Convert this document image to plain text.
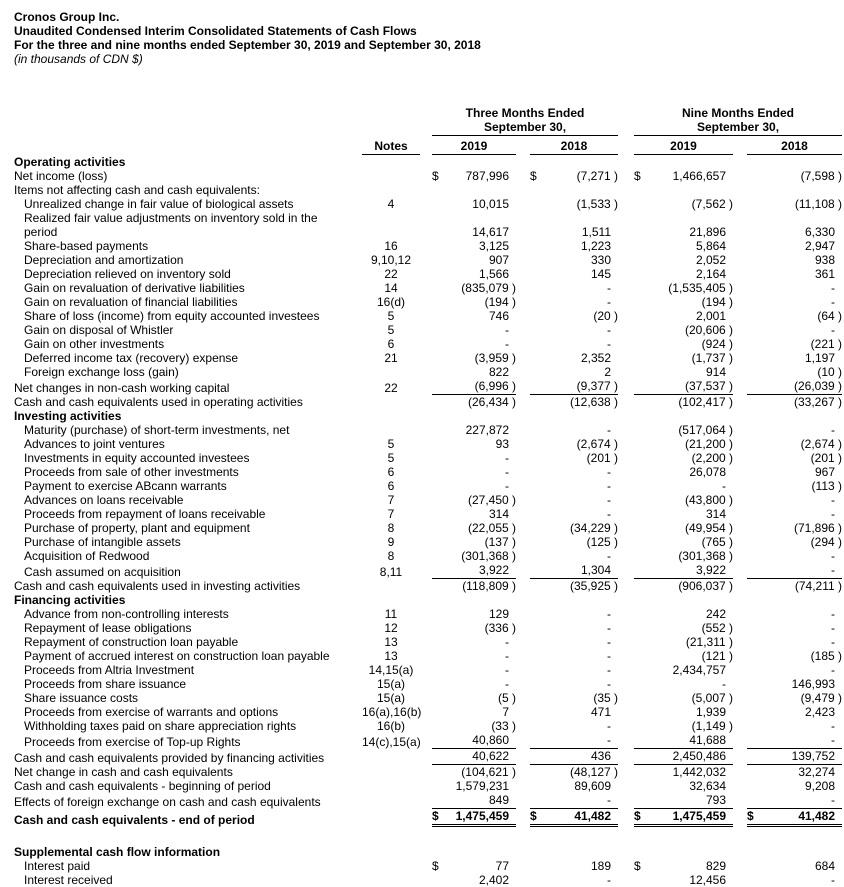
Cronos Group Inc.
Unaudited Condensed Interim Consolidated Statements of Cash Flows
For the three and nine months ended September 30, 2019 and September 30, 2018
(in thousands of CDN $)

		Three Months Ended
September 30,		Nine Months Ended
September 30,	

	Notes	2019	2018	2019	2018

Operating activities					
Net income (loss)		$ 787,996	$ (7,271 )	$ 1,466,657	(7,598 )

Items not affecting cash and cash equivalents:					
Unrealized change in fair value of biological assets	4	10,015	(1,533 )	(7,562 )	(11,108 )

Realized fair value adjustments on inventory sold in the period		14,617	1,511	21,896	6,330

Share-based payments	16	3,125	1,223	5,864	2,947

Depreciation and amortization	9,10,12	907	330	2,052	938

Depreciation relieved on inventory sold	22	1,566	145	2,164	361

Gain on revaluation of derivative liabilities	14	(835,079 )	-	(1,535,405 )	-

Gain on revaluation of financial liabilities	16(d)	(194 )	-	(194 )	-

Share of loss (income) from equity accounted investees	5	746	(20 )	2,001	(64 )

Gain on disposal of Whistler	5	-	-	(20,606 )	-

Gain on other investments	6	-	-	(924 )	(221 )

Deferred income tax (recovery) expense	21	(3,959 )	2,352	(1,737 )	1,197

Foreign exchange loss (gain)		822	2	914	(10 )

Net changes in non-cash working capital	22	(6,996 )	(9,377 )	(37,537 )	(26,039 )

Cash and cash equivalents used in operating activities		(26,434 )	(12,638 )	(102,417 )	(33,267 )

Investing activities					
Maturity (purchase) of short-term investments, net		227,872	-	(517,064 )	-

Advances to joint ventures	5	93	(2,674 )	(21,200 )	(2,674 )

Investments in equity accounted investees	5	-	(201 )	(2,200 )	(201 )

Proceeds from sale of other investments	6	-	-	26,078	967

Payment to exercise ABcann warrants	6	-	-	-	(113 )

Advances on loans receivable	7	(27,450 )	-	(43,800 )	-

Proceeds from repayment of loans receivable	7	314	-	314	-

Purchase of property, plant and equipment	8	(22,055 )	(34,229 )	(49,954 )	(71,896 )

Purchase of intangible assets	9	(137 )	(125 )	(765 )	(294 )

Acquisition of Redwood	8	(301,368 )	-	(301,368 )	-

Cash assumed on acquisition	8,11	3,922	1,304	3,922	-

Cash and cash equivalents used in investing activities		(118,809 )	(35,925 )	(906,037 )	(74,211 )

Financing activities					
Advance from non-controlling interests	11	129	-	242	-

Repayment of lease obligations	12	(336 )	-	(552 )	-

Repayment of construction loan payable	13	-	-	(21,311 )	-

Payment of accrued interest on construction loan payable	13	-	-	(121 )	(185 )

Proceeds from Altria Investment	14,15(a)	-	-	2,434,757	-

Proceeds from share issuance	15(a)	-	-	-	146,993

Share issuance costs	15(a)	(5 )	(35 )	(5,007 )	(9,479 )

Proceeds from exercise of warrants and options	16(a),16(b)	7	471	1,939	2,423

Withholding taxes paid on share appreciation rights	16(b)	(33 )	-	(1,149 )	-

Proceeds from exercise of Top-up Rights	14(c),15(a)	40,860	-	41,688	-

Cash and cash equivalents provided by financing activities		40,622	436	2,450,486	139,752

Net change in cash and cash equivalents		(104,621 )	(48,127 )	1,442,032	32,274

Cash and cash equivalents - beginning of period		1,579,231	89,609	32,634	9,208

Effects of foreign exchange on cash and cash equivalents		849	-	793	-

Cash and cash equivalents - end of period		$ 1,475,459	$ 41,482	$ 1,475,459	$ 41,482

Supplemental cash flow information					
Interest paid		$ 77	189	$ 829	684

Interest received		2,402	-	12,456	-
